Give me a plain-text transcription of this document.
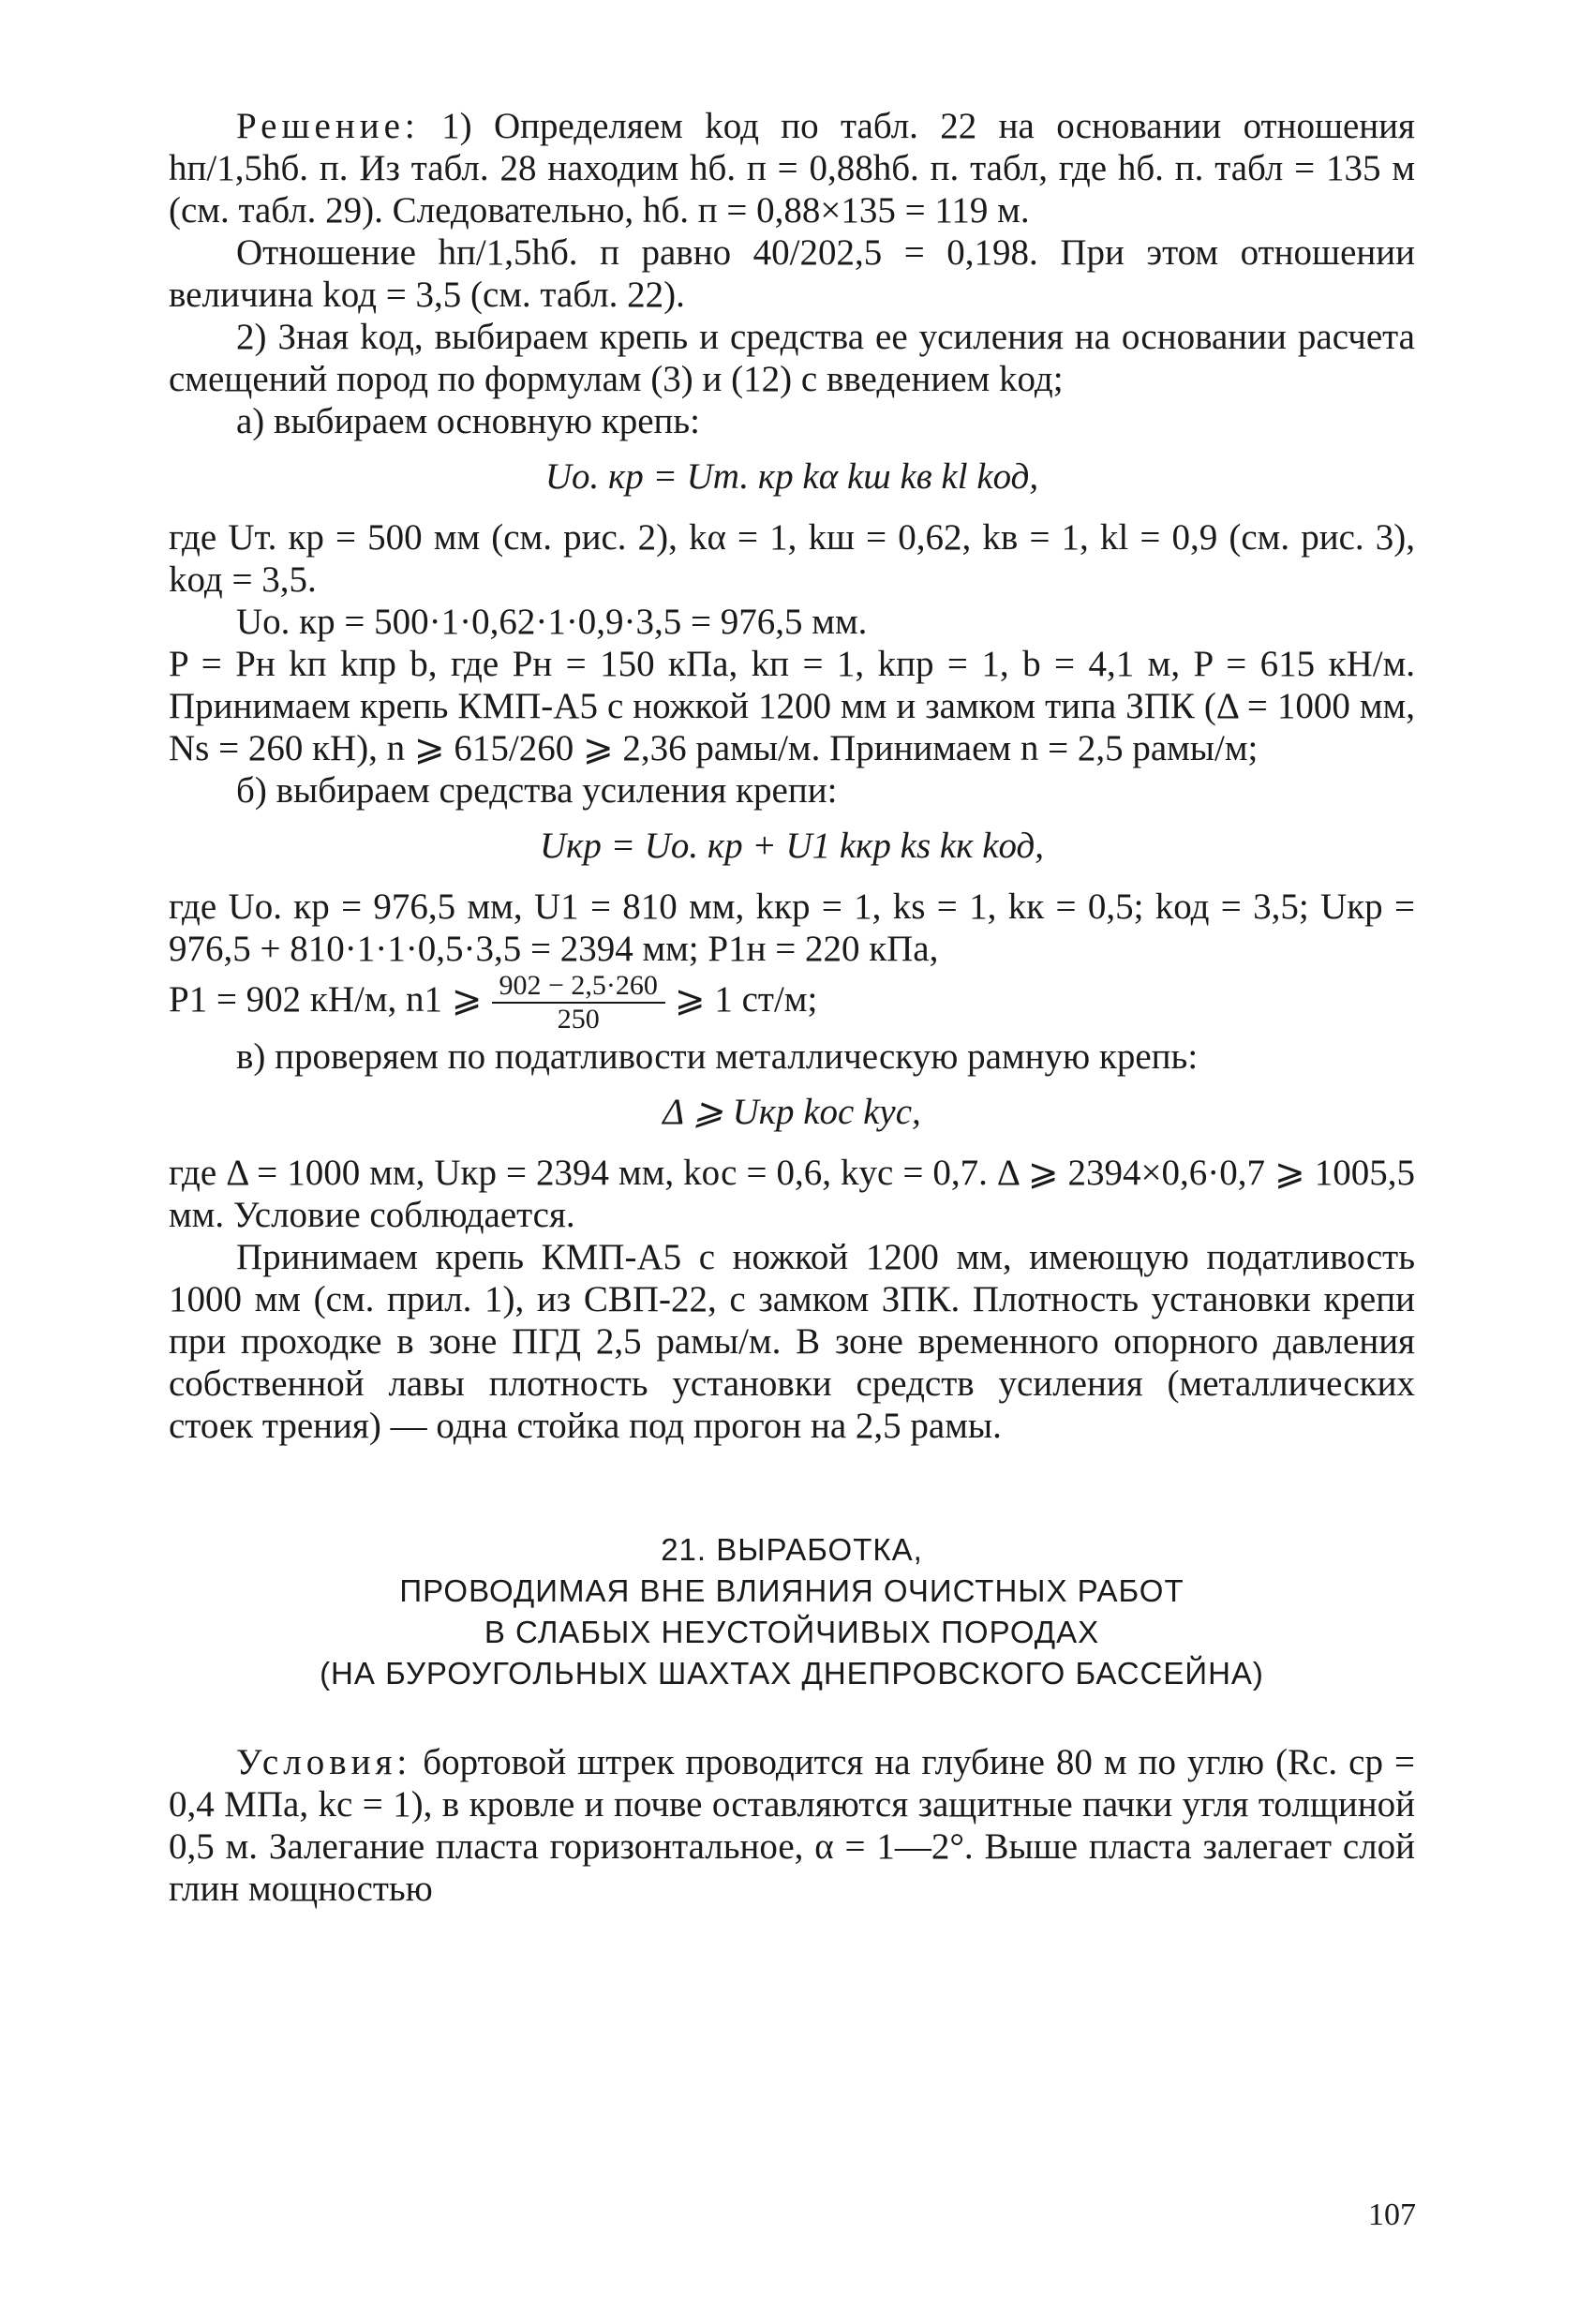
Решение: 1) Определяем kод по табл. 22 на основании отношения hп/1,5hб. п. Из табл. 28 находим hб. п = 0,88hб. п. табл, где hб. п. табл = 135 м (см. табл. 29). Следовательно, hб. п = 0,88×135 = 119 м.

Отношение hп/1,5hб. п равно 40/202,5 = 0,198. При этом отношении величина kод = 3,5 (см. табл. 22).

2) Зная kод, выбираем крепь и средства ее усиления на основании расчета смещений пород по формулам (3) и (12) с введением kод;

а) выбираем основную крепь:

Uо. кр = Uт. кр kα kш kв kl kод,

где Uт. кр = 500 мм (см. рис. 2), kα = 1, kш = 0,62, kв = 1, kl = 0,9 (см. рис. 3), kод = 3,5.

Uо. кр = 500·1·0,62·1·0,9·3,5 = 976,5 мм.

P = Pн kп kпр b, где Pн = 150 кПа, kп = 1, kпр = 1, b = 4,1 м, P = 615 кН/м. Принимаем крепь КМП-А5 с ножкой 1200 мм и замком типа ЗПК (Δ = 1000 мм, Ns = 260 кН), n ⩾ 615/260 ⩾ 2,36 рамы/м. Принимаем n = 2,5 рамы/м;

б) выбираем средства усиления крепи:

Uкр = Uо. кр + U1 kкр ks kк kод,

где Uо. кр = 976,5 мм, U1 = 810 мм, kкр = 1, ks = 1, kк = 0,5; kод = 3,5; Uкр = 976,5 + 810·1·1·0,5·3,5 = 2394 мм; P1н = 220 кПа,

P1 = 902 кН/м, n1 ⩾ $\frac{902 - 2,5\cdot 260}{250}$ ⩾ 1 ст/м;

в) проверяем по податливости металлическую рамную крепь:

Δ ⩾ Uкр kос kус,

где Δ = 1000 мм, Uкр = 2394 мм, kос = 0,6, kус = 0,7. Δ ⩾ 2394×0,6·0,7 ⩾ 1005,5 мм. Условие соблюдается.

Принимаем крепь КМП-А5 с ножкой 1200 мм, имеющую податливость 1000 мм (см. прил. 1), из СВП-22, с замком ЗПК. Плотность установки крепи при проходке в зоне ПГД 2,5 рамы/м. В зоне временного опорного давления собственной лавы плотность установки средств усиления (металлических стоек трения) — одна стойка под прогон на 2,5 рамы.

21. ВЫРАБОТКА,
ПРОВОДИМАЯ ВНЕ ВЛИЯНИЯ ОЧИСТНЫХ РАБОТ
В СЛАБЫХ НЕУСТОЙЧИВЫХ ПОРОДАХ
(НА БУРОУГОЛЬНЫХ ШАХТАХ ДНЕПРОВСКОГО БАССЕЙНА)

Условия: бортовой штрек проводится на глубине 80 м по углю (Rс. ср = 0,4 МПа, kс = 1), в кровле и почве оставляются защитные пачки угля толщиной 0,5 м. Залегание пласта горизонтальное, α = 1—2°. Выше пласта залегает слой глин мощностью

107
